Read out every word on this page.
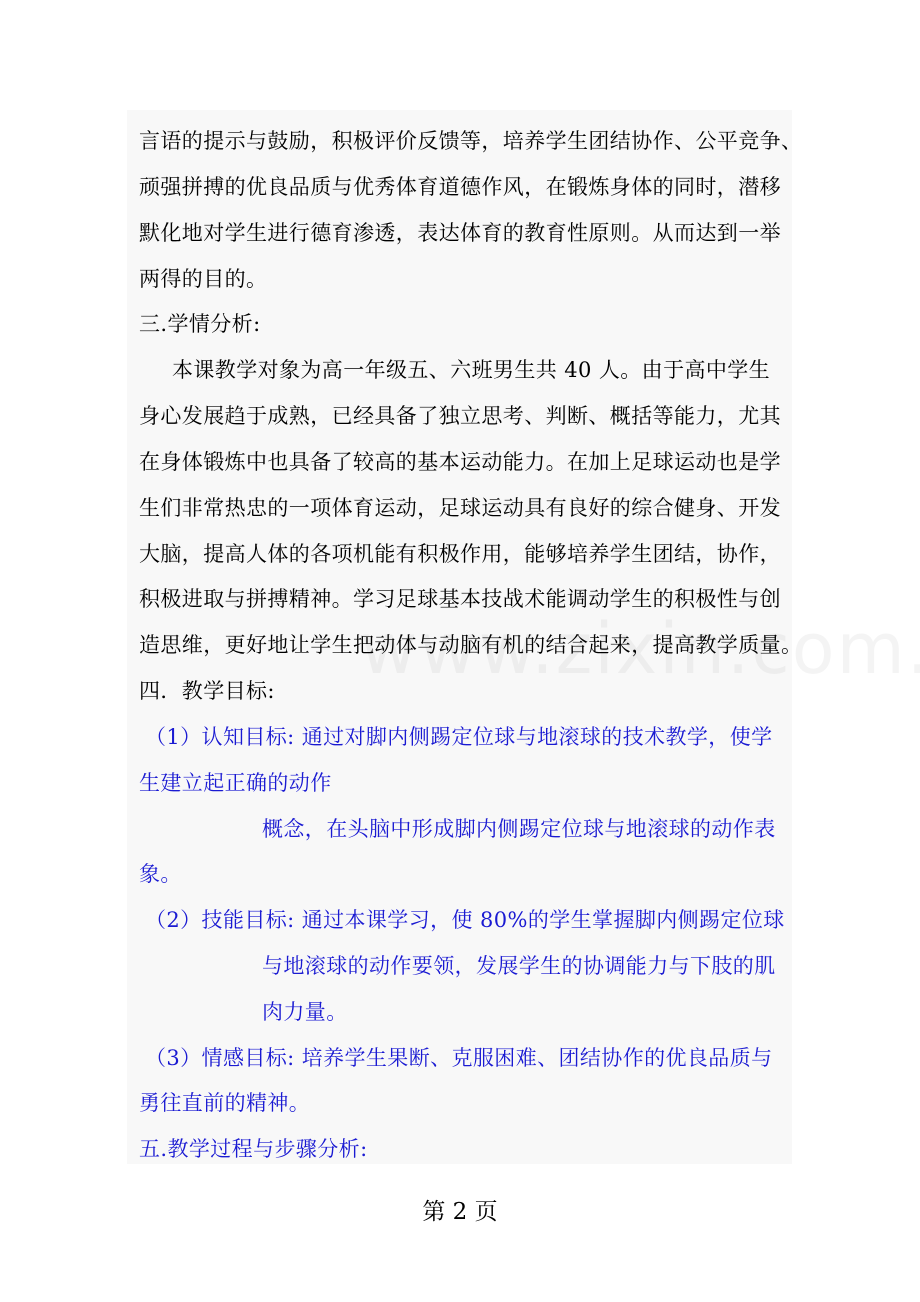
言语的提示与鼓励，积极评价反馈等，培养学生团结协作、公平竞争、
顽强拼搏的优良品质与优秀体育道德作风，在锻炼身体的同时，潜移
默化地对学生进行德育渗透，表达体育的教育性原则。从而达到一举
两得的目的。
三.学情分析:
本课教学对象为高一年级五、六班男生共 40 人。由于高中学生
身心发展趋于成熟，已经具备了独立思考、判断、概括等能力，尤其
在身体锻炼中也具备了较高的基本运动能力。在加上足球运动也是学
生们非常热忠的一项体育运动，足球运动具有良好的综合健身、开发
大脑，提高人体的各项机能有积极作用，能够培养学生团结，协作，
积极进取与拼搏精神。学习足球基本技战术能调动学生的积极性与创
造思维，更好地让学生把动体与动脑有机的结合起来，提高教学质量。
四．教学目标:
（1）认知目标: 通过对脚内侧踢定位球与地滚球的技术教学，使学
生建立起正确的动作
概念，在头脑中形成脚内侧踢定位球与地滚球的动作表
象。
（2）技能目标: 通过本课学习，使 80%的学生掌握脚内侧踢定位球
与地滚球的动作要领，发展学生的协调能力与下肢的肌
肉力量。
（3）情感目标: 培养学生果断、克服困难、团结协作的优良品质与
勇往直前的精神。
五.教学过程与步骤分析:
第 2 页
